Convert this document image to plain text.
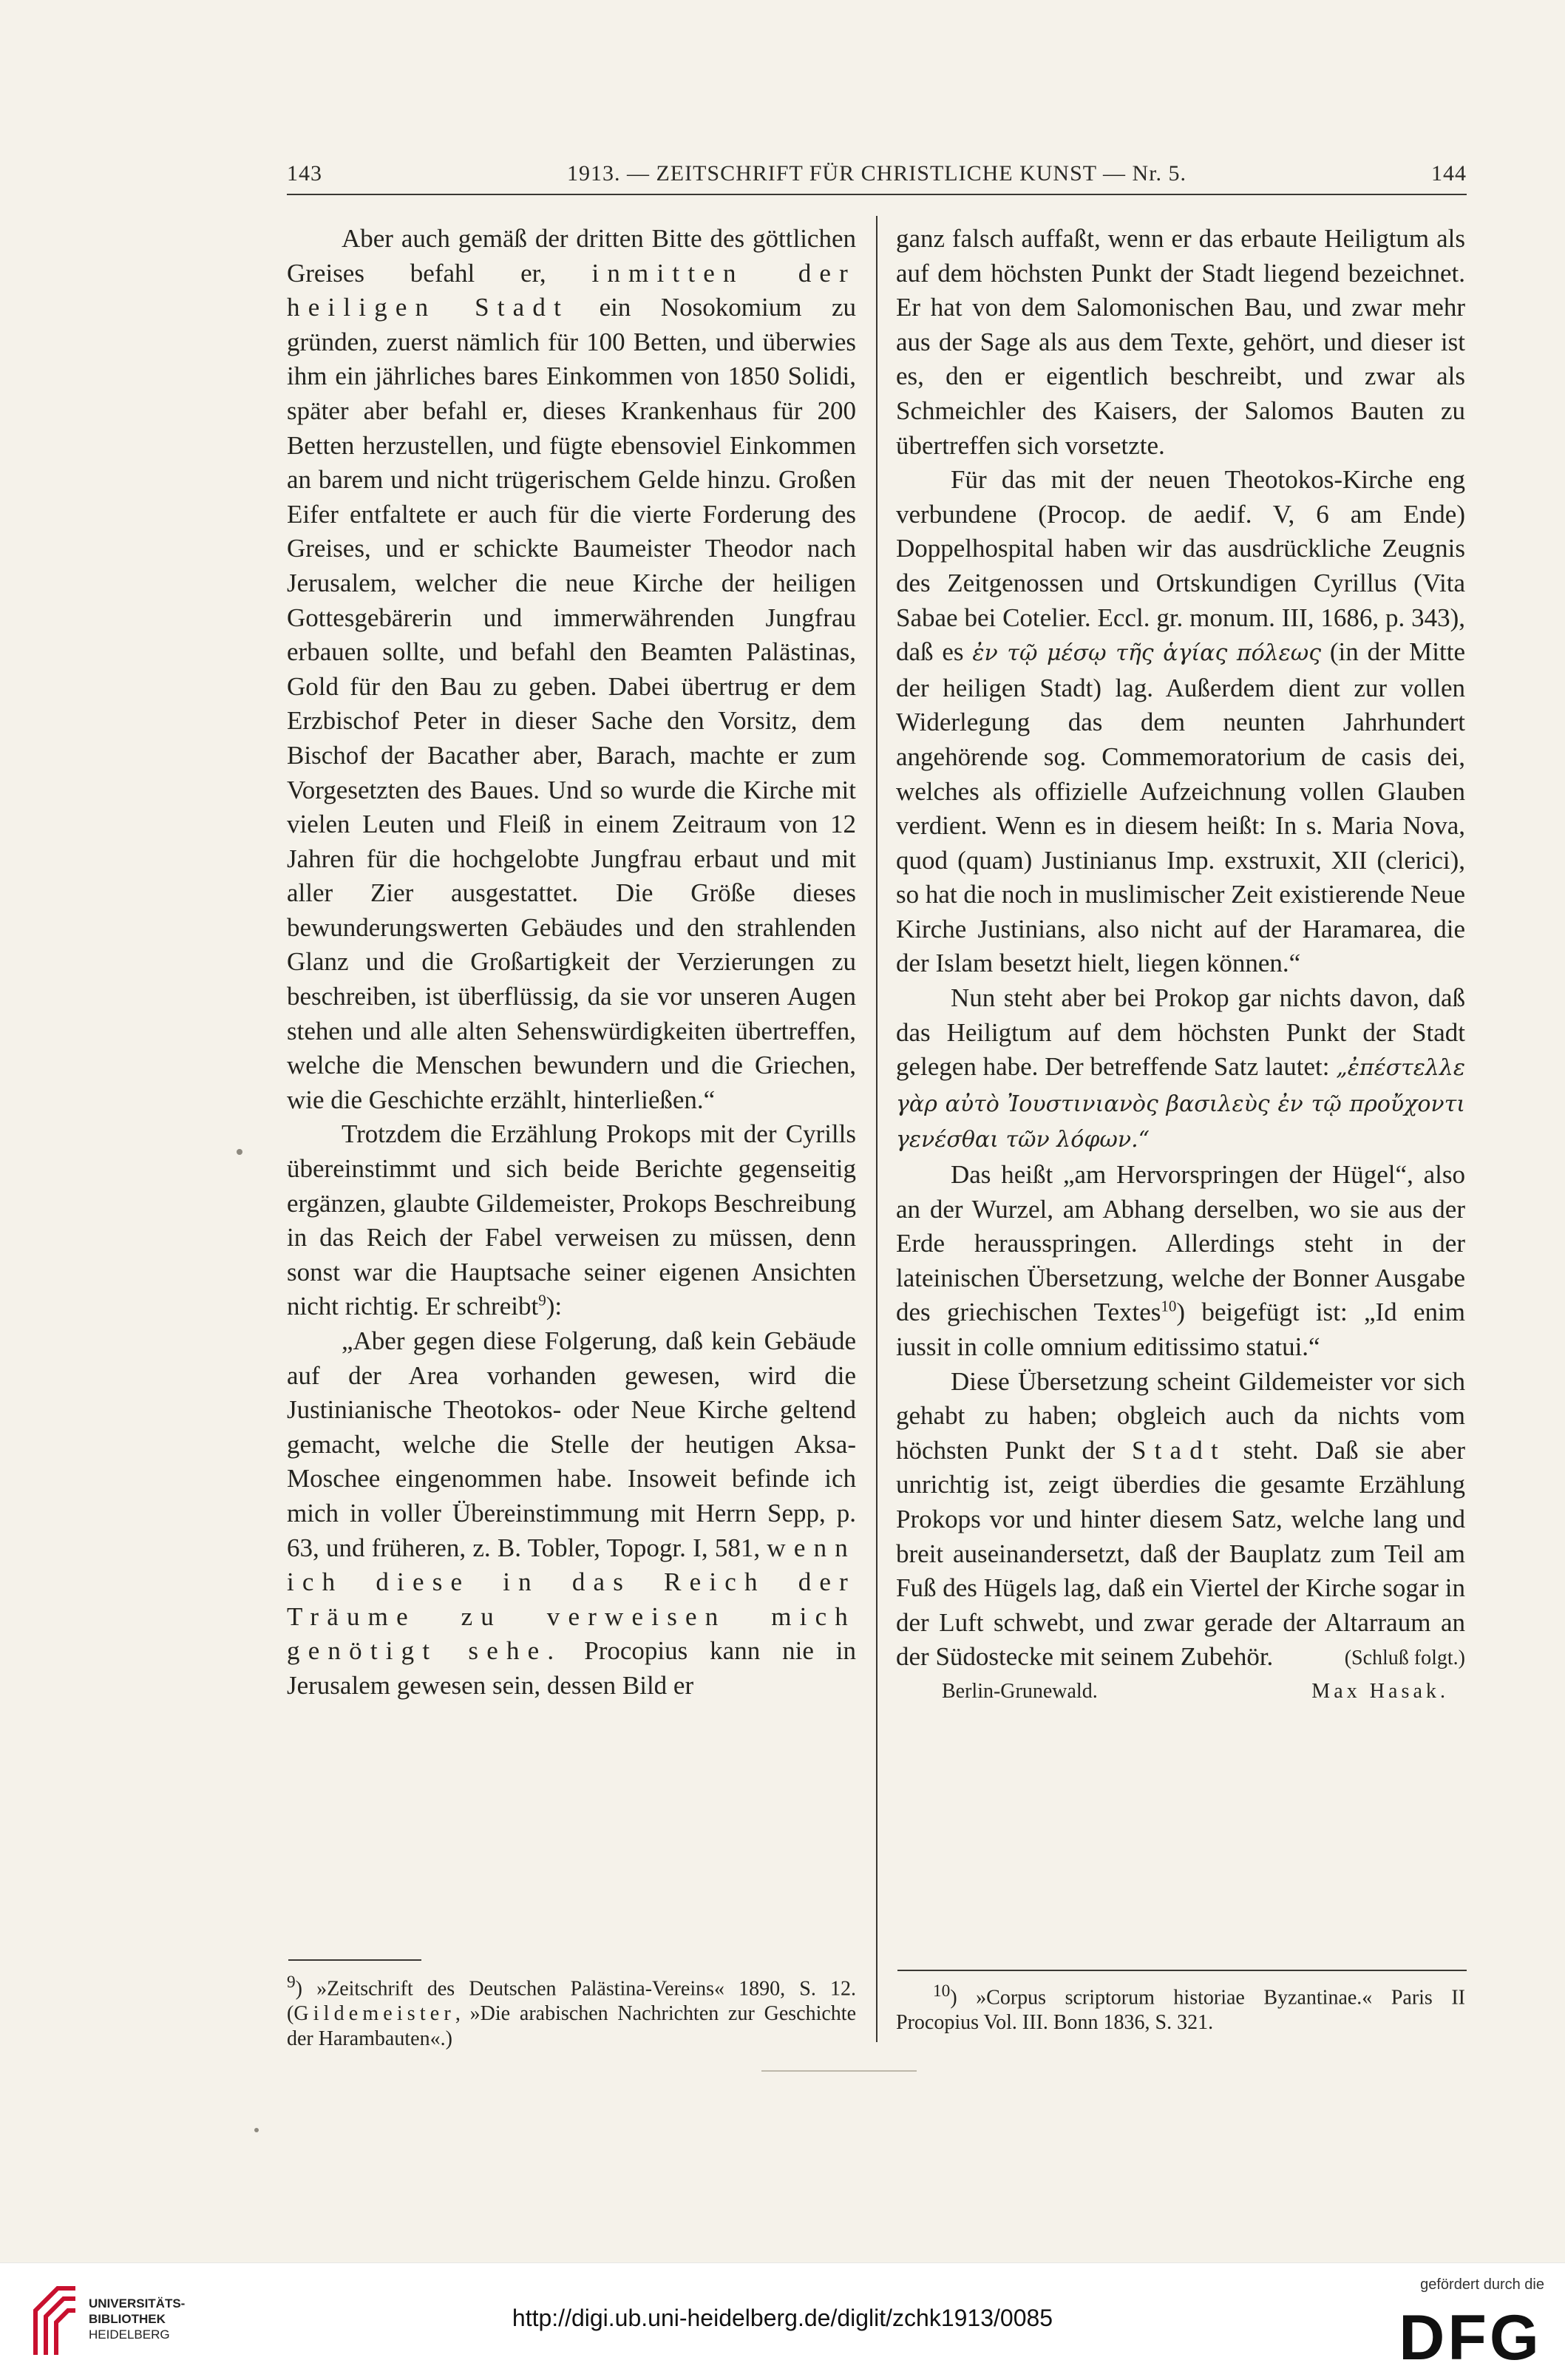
143	1913. — ZEITSCHRIFT FÜR CHRISTLICHE KUNST — Nr. 5.	144

Aber auch gemäß der dritten Bitte des göttlichen Greises befahl er, inmitten der heiligen Stadt ein Nosokomium zu gründen, zuerst nämlich für 100 Betten, und überwies ihm ein jährliches bares Einkommen von 1850 Solidi, später aber befahl er, dieses Krankenhaus für 200 Betten herzustellen, und fügte ebensoviel Einkommen an barem und nicht trügerischem Gelde hinzu. Großen Eifer entfaltete er auch für die vierte Forderung des Greises, und er schickte Baumeister Theodor nach Jerusalem, welcher die neue Kirche der heiligen Gottesgebärerin und immerwährenden Jungfrau erbauen sollte, und befahl den Beamten Palästinas, Gold für den Bau zu geben. Dabei übertrug er dem Erzbischof Peter in dieser Sache den Vorsitz, dem Bischof der Bacather aber, Barach, machte er zum Vorgesetzten des Baues. Und so wurde die Kirche mit vielen Leuten und Fleiß in einem Zeitraum von 12 Jahren für die hochgelobte Jungfrau erbaut und mit aller Zier ausgestattet. Die Größe dieses bewunderungswerten Gebäudes und den strahlenden Glanz und die Großartigkeit der Verzierungen zu beschreiben, ist überflüssig, da sie vor unseren Augen stehen und alle alten Sehenswürdigkeiten übertreffen, welche die Menschen bewundern und die Griechen, wie die Geschichte erzählt, hinterließen.“

Trotzdem die Erzählung Prokops mit der Cyrills übereinstimmt und sich beide Berichte gegenseitig ergänzen, glaubte Gildemeister, Prokops Beschreibung in das Reich der Fabel verweisen zu müssen, denn sonst war die Hauptsache seiner eigenen Ansichten nicht richtig. Er schreibt$^9$):

„Aber gegen diese Folgerung, daß kein Gebäude auf der Area vorhanden gewesen, wird die Justinianische Theotokos- oder Neue Kirche geltend gemacht, welche die Stelle der heutigen Aksa-Moschee eingenommen habe. Insoweit befinde ich mich in voller Übereinstimmung mit Herrn Sepp, p. 63, und früheren, z. B. Tobler, Topogr. I, 581, wenn ich diese in das Reich der Träume zu verweisen mich genötigt sehe. Procopius kann nie in Jerusalem gewesen sein, dessen Bild er

$^9$) »Zeitschrift des Deutschen Palästina-Vereins« 1890, S. 12. (Gildemeister, »Die arabischen Nachrichten zur Geschichte der Harambauten«.)

ganz falsch auffaßt, wenn er das erbaute Heiligtum als auf dem höchsten Punkt der Stadt liegend bezeichnet. Er hat von dem Salomonischen Bau, und zwar mehr aus der Sage als aus dem Texte, gehört, und dieser ist es, den er eigentlich beschreibt, und zwar als Schmeichler des Kaisers, der Salomos Bauten zu übertreffen sich vorsetzte.

Für das mit der neuen Theotokos-Kirche eng verbundene (Procop. de aedif. V, 6 am Ende) Doppelhospital haben wir das ausdrückliche Zeugnis des Zeitgenossen und Ortskundigen Cyrillus (Vita Sabae bei Cotelier. Eccl. gr. monum. III, 1686, p. 343), daß es ἐν τῷ μέσῳ τῆς ἁγίας πόλεως (in der Mitte der heiligen Stadt) lag. Außerdem dient zur vollen Widerlegung das dem neunten Jahrhundert angehörende sog. Commemoratorium de casis dei, welches als offizielle Aufzeichnung vollen Glauben verdient. Wenn es in diesem heißt: In s. Maria Nova, quod (quam) Justinianus Imp. exstruxit, XII (clerici), so hat die noch in muslimischer Zeit existierende Neue Kirche Justinians, also nicht auf der Haramarea, die der Islam besetzt hielt, liegen können.“

Nun steht aber bei Prokop gar nichts davon, daß das Heiligtum auf dem höchsten Punkt der Stadt gelegen habe. Der betreffende Satz lautet: „ἐπέστελλε γὰρ αὐτὸ Ἰουστινιανὸς βασιλεὺς ἐν τῷ προὔχοντι γενέσθαι τῶν λόφων.“

Das heißt „am Hervorspringen der Hügel“, also an der Wurzel, am Abhang derselben, wo sie aus der Erde herausspringen. Allerdings steht in der lateinischen Übersetzung, welche der Bonner Ausgabe des griechischen Textes$^{10}$) beigefügt ist: „Id enim iussit in colle omnium editissimo statui.“

Diese Übersetzung scheint Gildemeister vor sich gehabt zu haben; obgleich auch da nichts vom höchsten Punkt der Stadt steht. Daß sie aber unrichtig ist, zeigt überdies die gesamte Erzählung Prokops vor und hinter diesem Satz, welche lang und breit auseinandersetzt, daß der Bauplatz zum Teil am Fuß des Hügels lag, daß ein Viertel der Kirche sogar in der Luft schwebt, und zwar gerade der Altarraum an der Südostecke mit seinem Zubehör.	(Schluß folgt.)

Berlin-Grunewald.	Max Hasak.
$^{10}$) »Corpus scriptorum historiae Byzantinae.« Paris II Procopius Vol. III. Bonn 1836, S. 321.
UNIVERSITÄTS-
BIBLIOTHEK
HEIDELBERG
http://digi.ub.uni-heidelberg.de/diglit/zchk1913/0085
gefördert durch die
DFG
